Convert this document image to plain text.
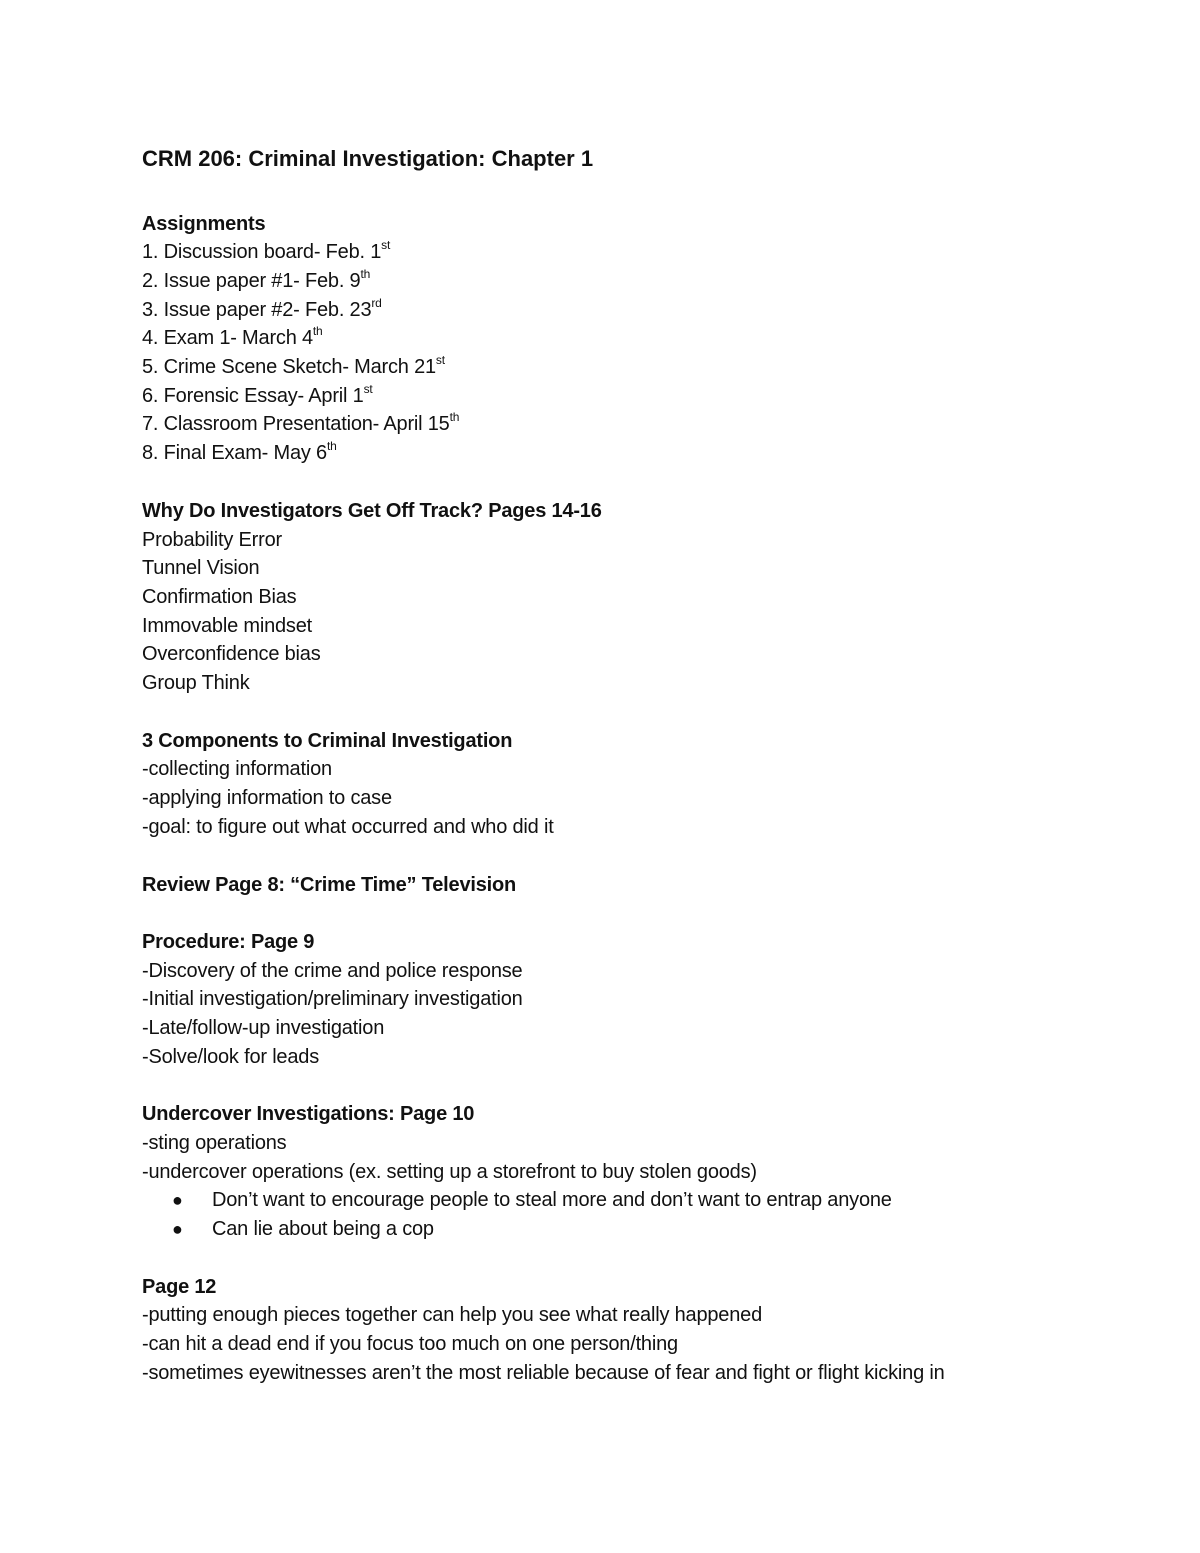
CRM 206: Criminal Investigation: Chapter 1
Assignments
1. Discussion board- Feb. 1st
2. Issue paper #1- Feb. 9th
3. Issue paper #2- Feb. 23rd
4. Exam 1- March 4th
5. Crime Scene Sketch- March 21st
6. Forensic Essay- April 1st
7. Classroom Presentation- April 15th
8. Final Exam- May 6th
Why Do Investigators Get Off Track? Pages 14-16
Probability Error
Tunnel Vision
Confirmation Bias
Immovable mindset
Overconfidence bias
Group Think
3 Components to Criminal Investigation
-collecting information
-applying information to case
-goal: to figure out what occurred and who did it
Review Page 8: “Crime Time” Television
Procedure: Page 9
-Discovery of the crime and police response
-Initial investigation/preliminary investigation
-Late/follow-up investigation
-Solve/look for leads
Undercover Investigations: Page 10
-sting operations
-undercover operations (ex. setting up a storefront to buy stolen goods)
● Don’t want to encourage people to steal more and don’t want to entrap anyone
● Can lie about being a cop
Page 12
-putting enough pieces together can help you see what really happened
-can hit a dead end if you focus too much on one person/thing
-sometimes eyewitnesses aren’t the most reliable because of fear and fight or flight kicking in
